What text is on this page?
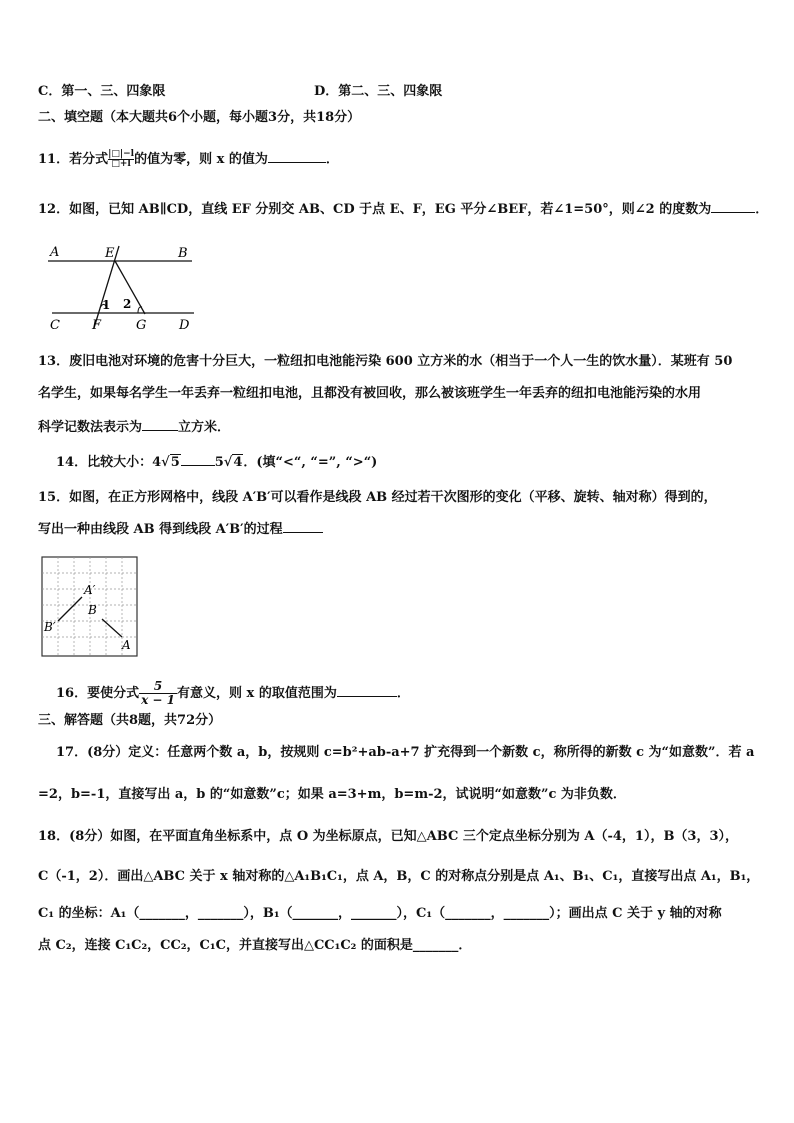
C．第一、三、四象限	D．第二、三、四象限
二、填空题（本大题共6个小题，每小题3分，共18分）
11．若分式 $\frac{|□|-l}{□+l}$ 的值为零，则 x 的值为	．
12．如图，已知 AB∥CD，直线 EF 分别交 AB、CD 于点 E、F，EG 平分∠BEF，若∠1=50°，则∠2 的度数为	．
A	E	B
C F	G	D
1 2
13．废旧电池对环境的危害十分巨大，一粒纽扣电池能污染 600 立方米的水（相当于一个人一生的饮水量）．某班有 50
名学生，如果每名学生一年丢弃一粒纽扣电池，且都没有被回收，那么被该班学生一年丢弃的纽扣电池能污染的水用
科学记数法表示为	立方米．
14．比较大小：4√5	5√4．(填“<“, “=”, “>“)
15．如图，在正方形网格中，线段 A′B′可以看作是线段 AB 经过若干次图形的变化（平移、旋转、轴对称）得到的，
写出一种由线段 AB 得到线段 A′B′的过程
A′
B
B′
A
16．要使分式 $\frac{5}{x - 1}$ 有意义，则 x 的取值范围为	．
三、解答题（共8题，共72分）
17．(8分）定义：任意两个数 a，b，按规则 c=b²+ab-a+7 扩充得到一个新数 c，称所得的新数 c 为“如意数”．若 a
=2，b=-1，直接写出 a，b 的“如意数”c；如果 a=3+m，b=m-2，试说明“如意数”c 为非负数．
18．(8分）如图，在平面直角坐标系中，点 O 为坐标原点，已知△ABC 三个定点坐标分别为 A（-4，1），B（3，3），
C（-1，2）．画出△ABC 关于 x 轴对称的△A₁B₁C₁，点 A，B，C 的对称点分别是点 A₁、B₁、C₁，直接写出点 A₁，B₁，
C₁ 的坐标：A₁（_______，_______），B₁（_______，_______），C₁（_______，_______）；画出点 C 关于 y 轴的对称
点 C₂，连接 C₁C₂，CC₂，C₁C，并直接写出△CC₁C₂ 的面积是_______．
